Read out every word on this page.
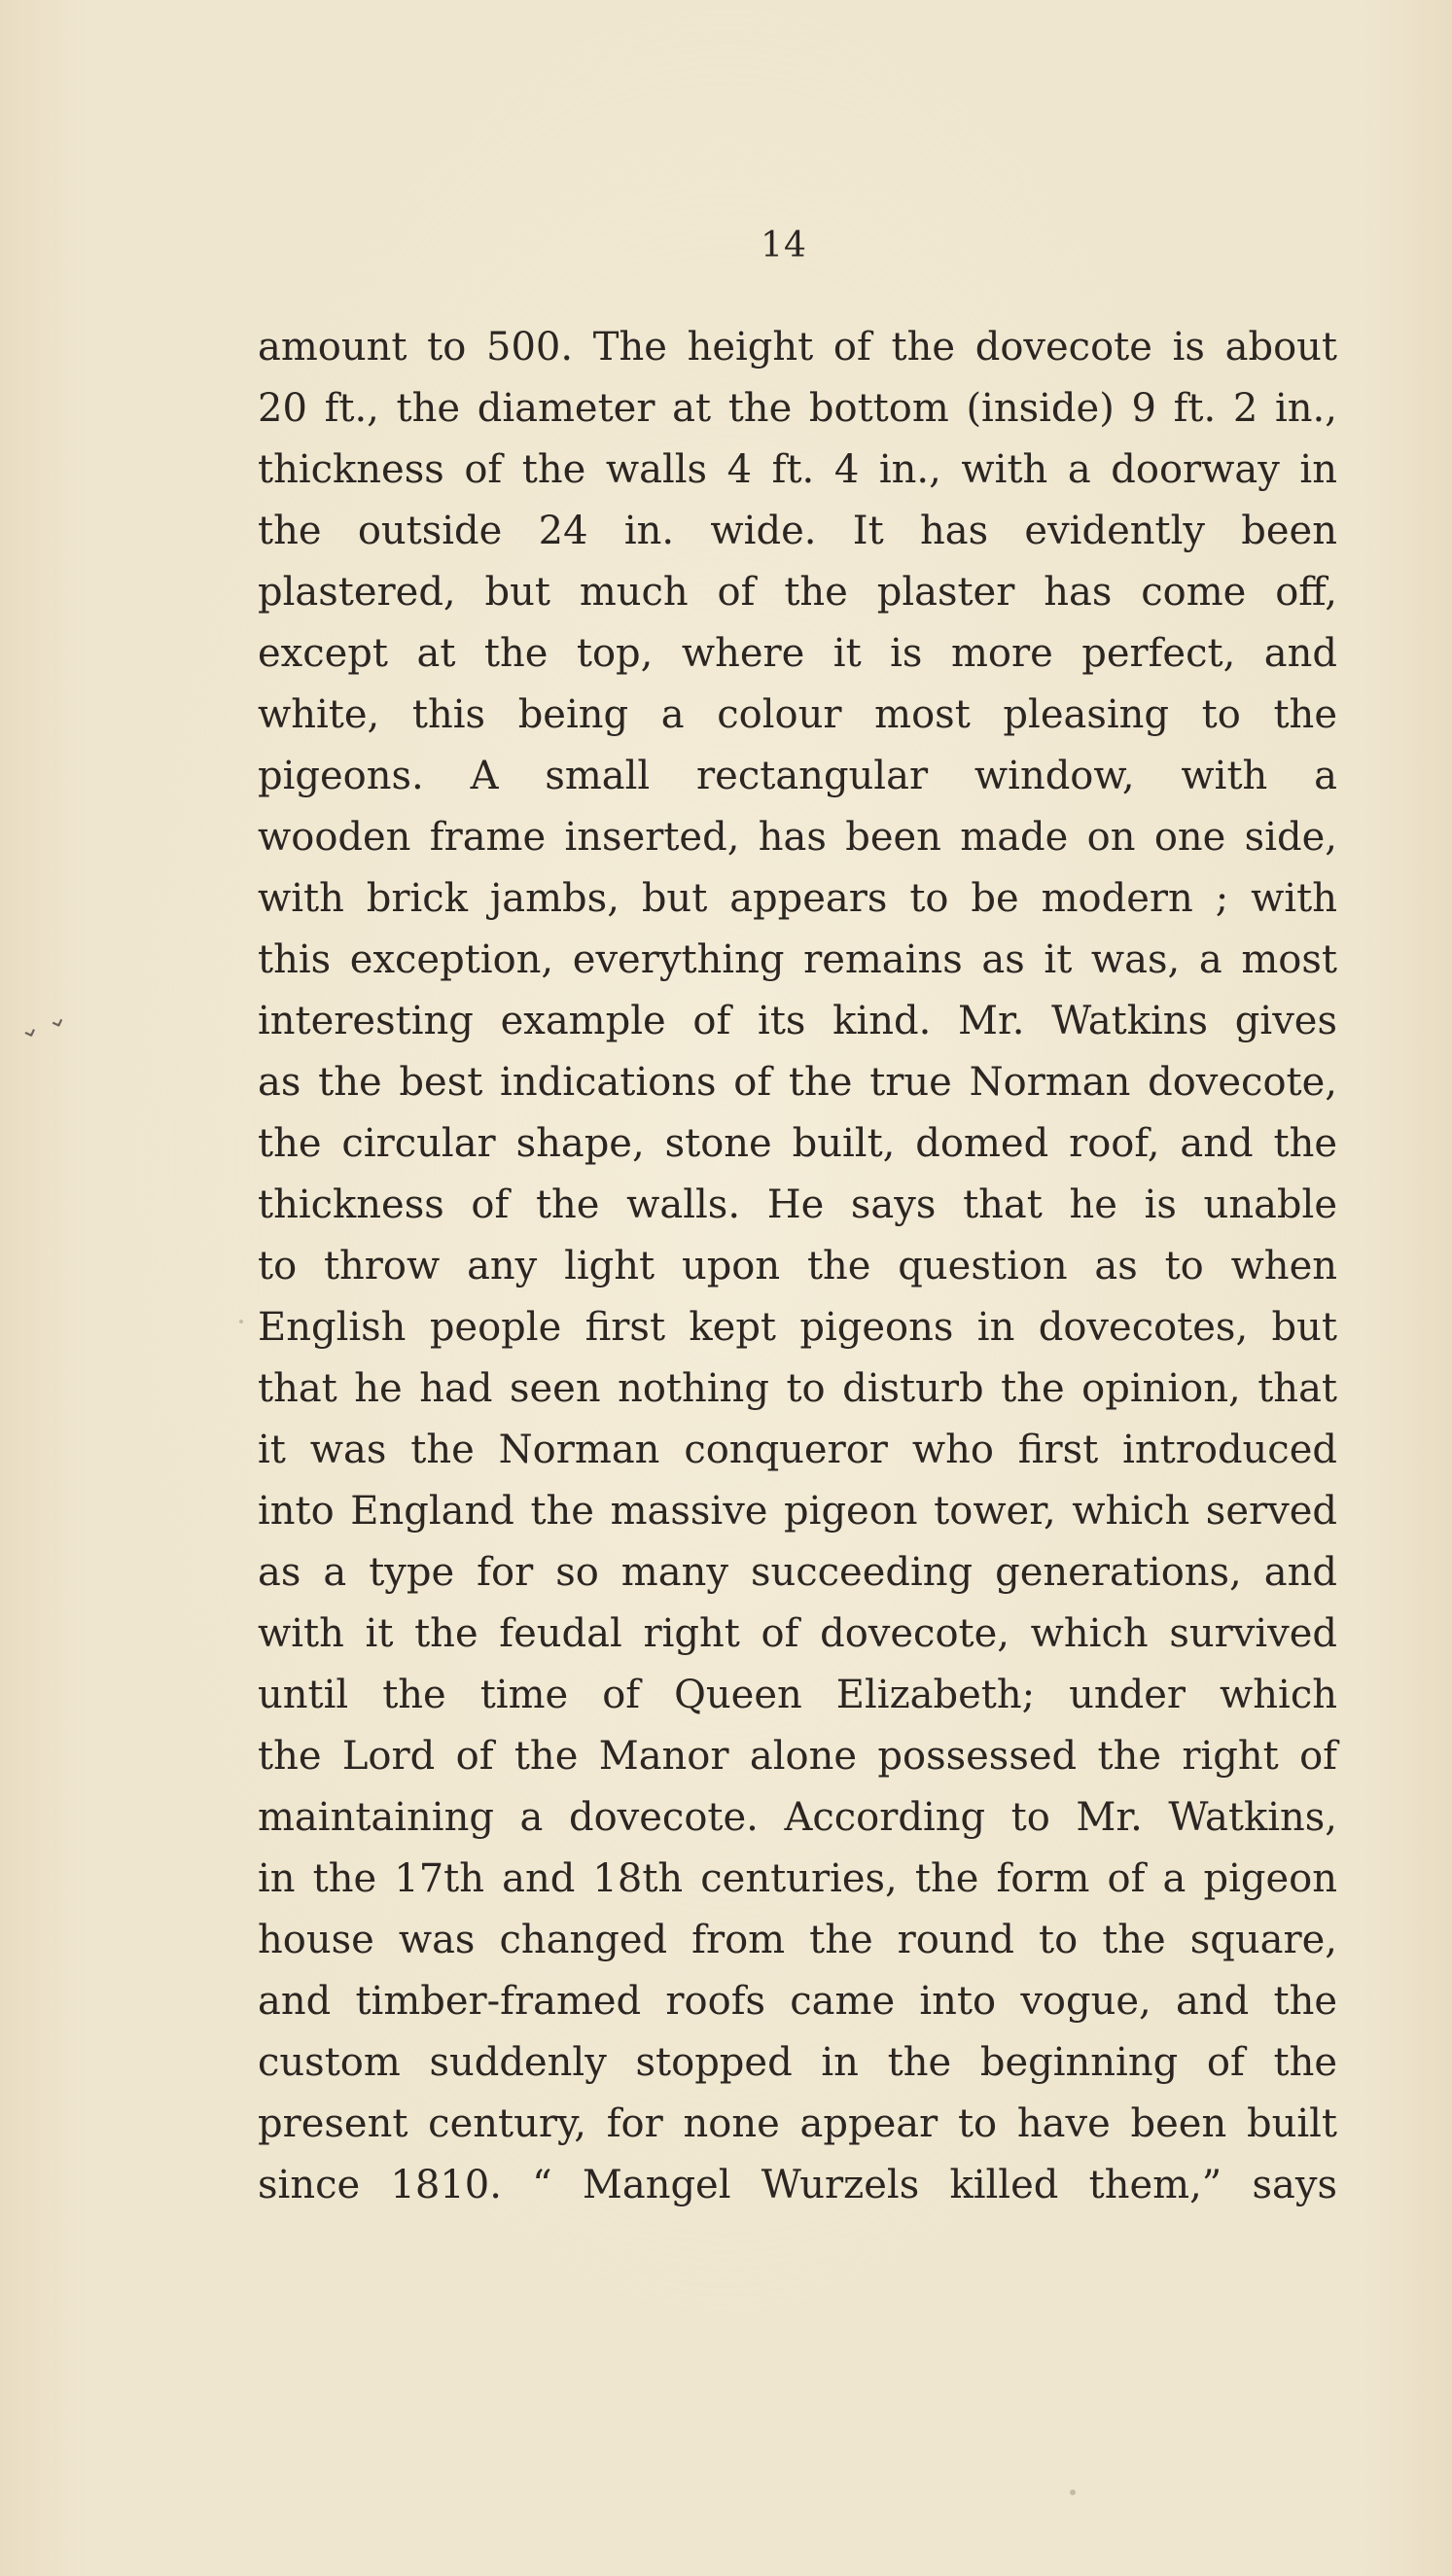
14
⌄ ⌄
amount to 500. The height of the dovecote is about
20 ft., the diameter at the bottom (inside) 9 ft. 2 in.,
thickness of the walls 4 ft. 4 in., with a doorway in
the outside 24 in. wide. It has evidently been
plastered, but much of the plaster has come off,
except at the top, where it is more perfect, and
white, this being a colour most pleasing to the
pigeons. A small rectangular window, with a
wooden frame inserted, has been made on one side,
with brick jambs, but appears to be modern ; with
this exception, everything remains as it was, a most
interesting example of its kind. Mr. Watkins gives
as the best indications of the true Norman dovecote,
the circular shape, stone built, domed roof, and the
thickness of the walls. He says that he is unable
to throw any light upon the question as to when
English people first kept pigeons in dovecotes, but
that he had seen nothing to disturb the opinion, that
it was the Norman conqueror who first introduced
into England the massive pigeon tower, which served
as a type for so many succeeding generations, and
with it the feudal right of dovecote, which survived
until the time of Queen Elizabeth; under which
the Lord of the Manor alone possessed the right of
maintaining a dovecote. According to Mr. Watkins,
in the 17th and 18th centuries, the form of a pigeon
house was changed from the round to the square,
and timber-framed roofs came into vogue, and the
custom suddenly stopped in the beginning of the
present century, for none appear to have been built
since 1810. “ Mangel Wurzels killed them,” says
